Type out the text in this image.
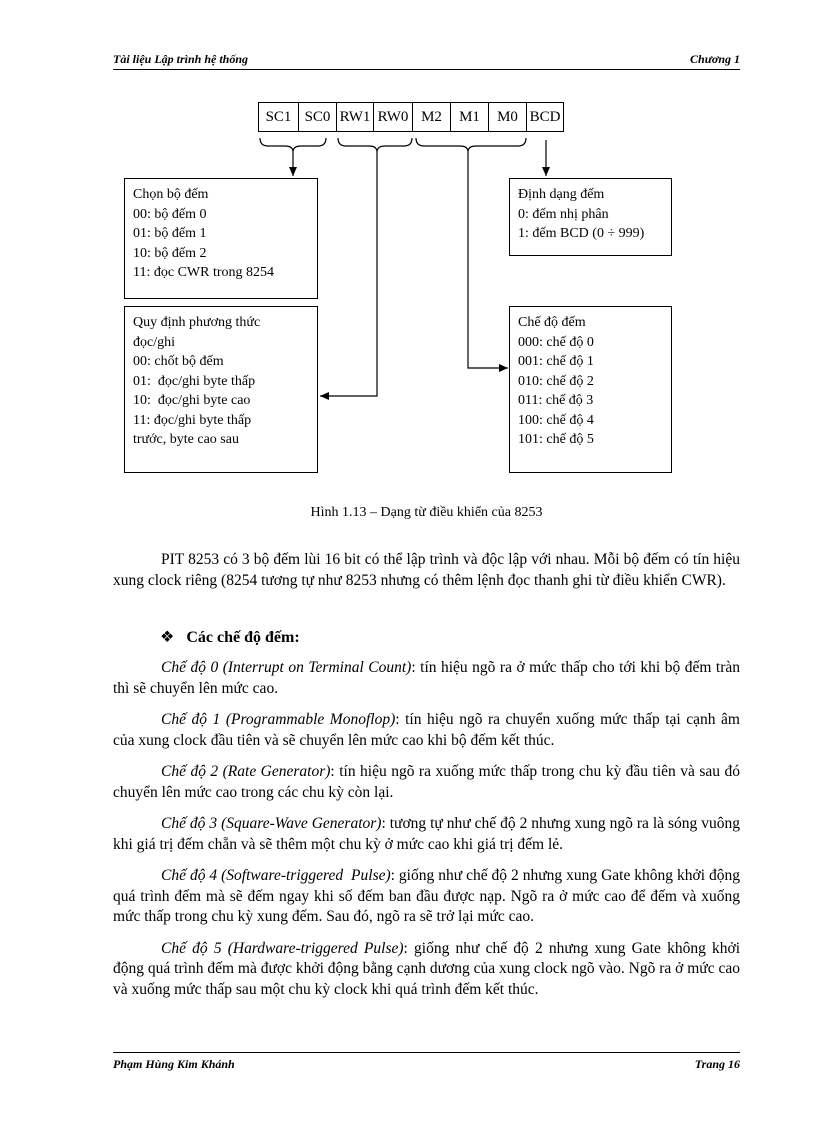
Tài liệu Lập trình hệ thống	Chương 1
SC1 SC0 RW1 RW0 M2	M1	M0 BCD
Chọn bộ đếm
00: bộ đếm 0
01: bộ đếm 1
10: bộ đếm 2
11: đọc CWR trong 8254
Định dạng đếm
0: đếm nhị phân
1: đếm BCD (0 ÷ 999)
Quy định phương thức
đọc/ghi
00: chốt bộ đếm
01:  đọc/ghi byte thấp
10:  đọc/ghi byte cao
11: đọc/ghi byte thấp
trước, byte cao sau
Chế độ đếm
000: chế độ 0
001: chế độ 1
010: chế độ 2
011: chế độ 3
100: chế độ 4
101: chế độ 5
Hình 1.13 – Dạng từ điều khiển của 8253

PIT 8253 có 3 bộ đếm lùi 16 bit có thể lập trình và độc lập với nhau. Mỗi bộ đếm có tín hiệu xung clock riêng (8254 tương tự như 8253 nhưng có thêm lệnh đọc thanh ghi từ điều khiển CWR).

❖ Các chế độ đếm:

Chế độ 0 (Interrupt on Terminal Count): tín hiệu ngõ ra ở mức thấp cho tới khi bộ đếm tràn thì sẽ chuyển lên mức cao.

Chế độ 1 (Programmable Monoflop): tín hiệu ngõ ra chuyển xuống mức thấp tại cạnh âm của xung clock đầu tiên và sẽ chuyển lên mức cao khi bộ đếm kết thúc.

Chế độ 2 (Rate Generator): tín hiệu ngõ ra xuống mức thấp trong chu kỳ đầu tiên và sau đó chuyển lên mức cao trong các chu kỳ còn lại.

Chế độ 3 (Square-Wave Generator): tương tự như chế độ 2 nhưng xung ngõ ra là sóng vuông khi giá trị đếm chẵn và sẽ thêm một chu kỳ ở mức cao khi giá trị đếm lẻ.

Chế độ 4 (Software-triggered  Pulse): giống như chế độ 2 nhưng xung Gate không khởi động quá trình đếm mà sẽ đếm ngay khi số đếm ban đầu được nạp. Ngõ ra ở mức cao để đếm và xuống mức thấp trong chu kỳ xung đếm. Sau đó, ngõ ra sẽ trở lại mức cao.

Chế độ 5 (Hardware-triggered Pulse): giống như chế độ 2 nhưng xung Gate không khởi động quá trình đếm mà được khởi động bằng cạnh dương của xung clock ngõ vào. Ngõ ra ở mức cao và xuống mức thấp sau một chu kỳ clock khi quá trình đếm kết thúc.

Phạm Hùng Kim Khánh	Trang 16
